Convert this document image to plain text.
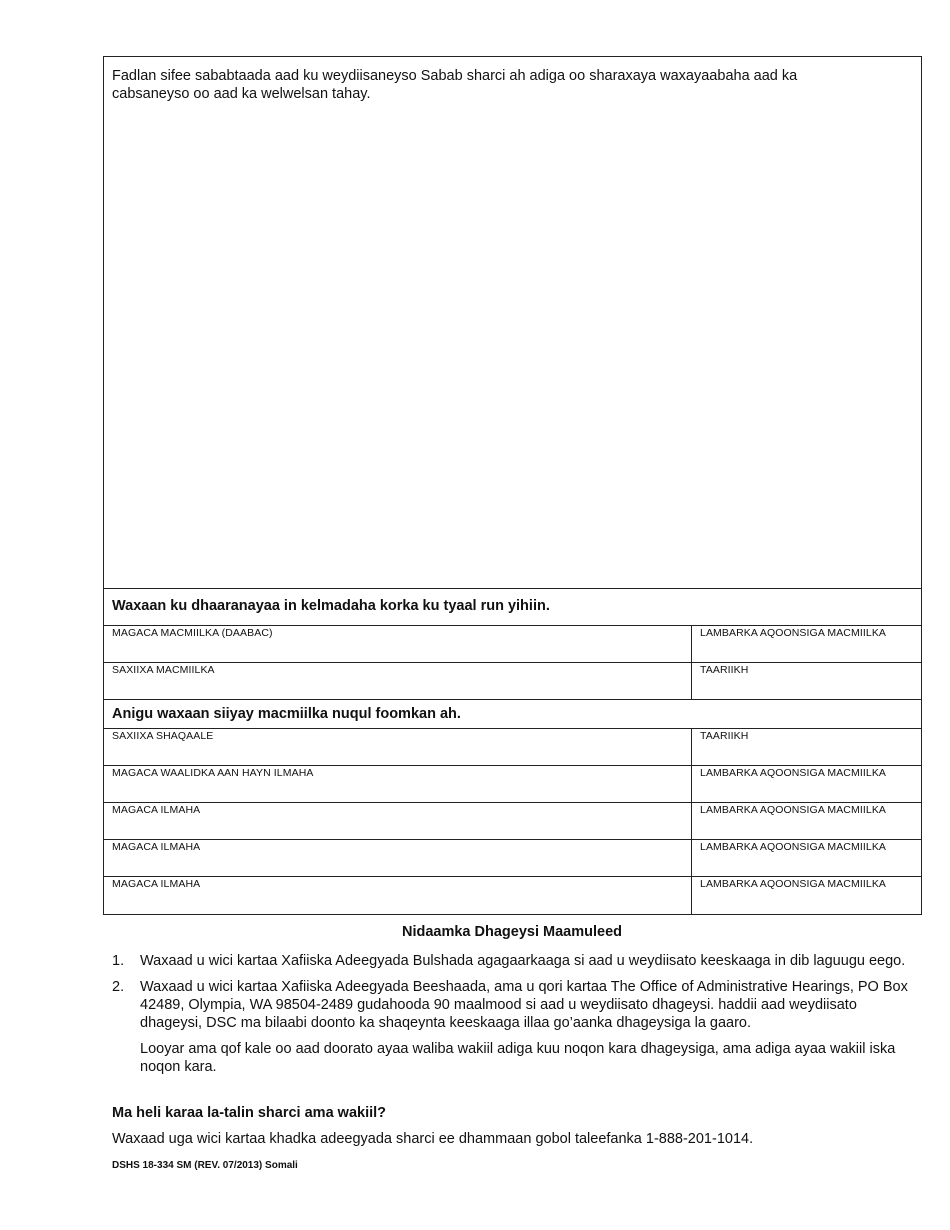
Fadlan sifee sababtaada aad ku weydiisaneyso Sabab sharci ah adiga oo sharaxaya waxayaabaha aad ka cabsaneyso oo aad ka welwelsan tahay.
Waxaan ku dhaaranayaa in kelmadaha korka ku tyaal run yihiin.
MAGACA MACMIILKA (DAABAC)	LAMBARKA AQOONSIGA MACMIILKA
SAXIIXA MACMIILKA	TAARIIKH
Anigu waxaan siiyay macmiilka nuqul foomkan ah.
SAXIIXA SHAQAALE	TAARIIKH
MAGACA WAALIDKA AAN HAYN ILMAHA	LAMBARKA AQOONSIGA MACMIILKA
MAGACA ILMAHA	LAMBARKA AQOONSIGA MACMIILKA
MAGACA ILMAHA	LAMBARKA AQOONSIGA MACMIILKA
MAGACA ILMAHA	LAMBARKA AQOONSIGA MACMIILKA
Nidaamka Dhageysi Maamuleed
1. Waxaad u wici kartaa Xafiiska Adeegyada Bulshada agagaarkaaga si aad u weydiisato keeskaaga in dib laguugu eego.

2. Waxaad u wici kartaa Xafiiska Adeegyada Beeshaada, ama u qori kartaa The Office of Administrative Hearings, PO Box 42489, Olympia, WA 98504-2489 gudahooda 90 maalmood si aad u weydiisato dhageysi. haddii aad weydiisato dhageysi, DSC ma bilaabi doonto ka shaqeynta keeskaaga illaa go’aanka dhageysiga la gaaro.

Looyar ama qof kale oo aad doorato ayaa waliba wakiil adiga kuu noqon kara dhageysiga, ama adiga ayaa wakiil iska noqon kara.

Ma heli karaa la-talin sharci ama wakiil?
Waxaad uga wici kartaa khadka adeegyada sharci ee dhammaan gobol taleefanka 1-888-201-1014.
DSHS 18-334 SM (REV. 07/2013) Somali
